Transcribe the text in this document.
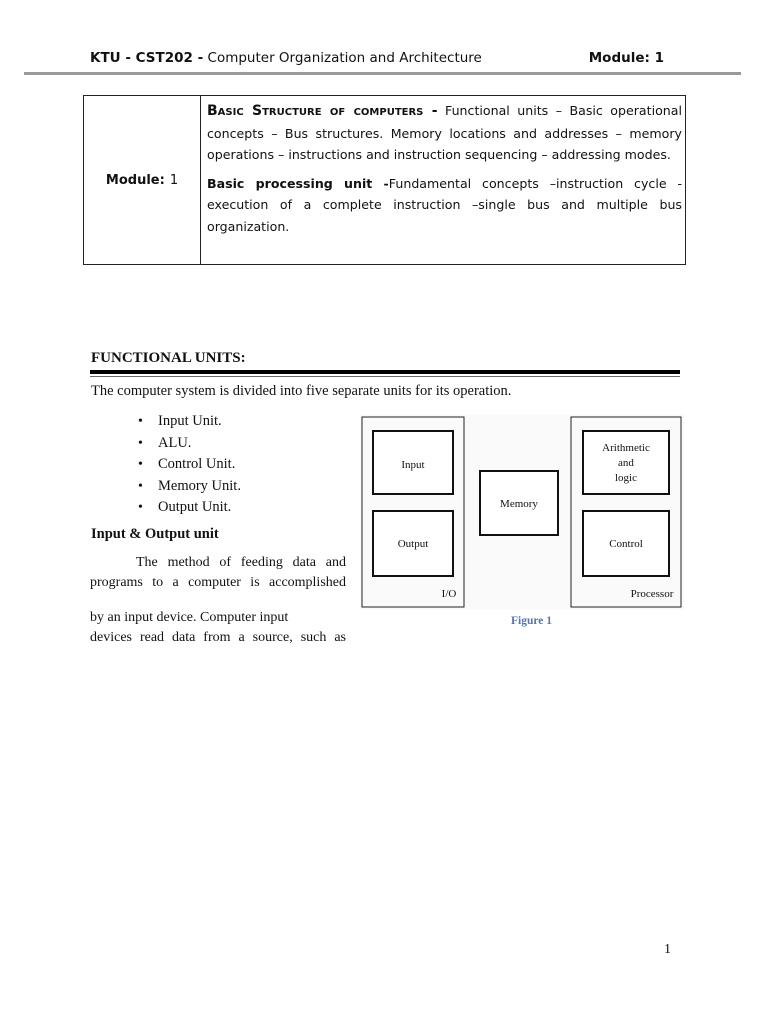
KTU - CST202 - Computer Organization and Architecture	Module: 1
Module: 1

Basic Structure of computers - Functional units – Basic operational concepts – Bus structures. Memory locations and addresses – memory operations – instructions and instruction sequencing – addressing modes.

Basic processing unit -Fundamental concepts –instruction cycle - execution of a complete instruction –single bus and multiple bus organization.

FUNCTIONAL UNITS:
The computer system is divided into five separate units for its operation.
• Input Unit.
• ALU.
• Control Unit.
• Memory Unit.
• Output Unit.
Input & Output unit
The method of feeding data and
programs to a computer is accomplished
by an input device. Computer input
devices read data from a source, such as
Input
Output
I/O
Memory
Arithmetic
and
logic
Control
Processor
Figure 1
1
